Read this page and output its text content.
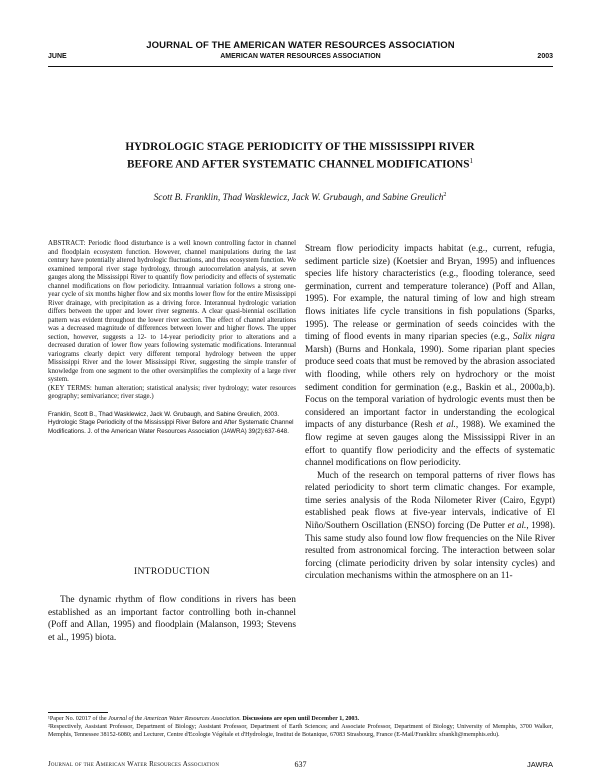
JOURNAL OF THE AMERICAN WATER RESOURCES ASSOCIATION
JUNE	AMERICAN WATER RESOURCES ASSOCIATION	2003
HYDROLOGIC STAGE PERIODICITY OF THE MISSISSIPPI RIVER
BEFORE AND AFTER SYSTEMATIC CHANNEL MODIFICATIONS$^1$
Scott B. Franklin, Thad Wasklewicz, Jack W. Grubaugh, and Sabine Greulich$^2$

ABSTRACT: Periodic flood disturbance is a well known controlling factor in channel and floodplain ecosystem function. However, channel manipulations during the last century have potentially altered hydrologic fluctuations, and thus ecosystem function. We examined temporal river stage hydrology, through autocorrelation analysis, at seven gauges along the Mississippi River to quantify flow periodicity and effects of systematic channel modifications on flow periodicity. Intraannual variation follows a strong one-year cycle of six months higher flow and six months lower flow for the entire Mississippi River drainage, with precipitation as a driving force. Interannual hydrologic variation differs between the upper and lower river segments. A clear quasi-biennial oscillation pattern was evident throughout the lower river section. The effect of channel alterations was a decreased magnitude of differences between lower and higher flows. The upper section, however, suggests a 12- to 14-year periodicity prior to alterations and a decreased duration of lower flow years following systematic modifications. Interannual variograms clearly depict very different temporal hydrology between the upper Mississippi River and the lower Mississippi River, suggesting the simple transfer of knowledge from one segment to the other oversimplifies the complexity of a large river system.

(KEY TERMS: human alteration; statistical analysis; river hydrology; water resources geography; semivariance; river stage.)

Franklin, Scott B., Thad Wasklewicz, Jack W. Grubaugh, and Sabine Greulich, 2003. Hydrologic Stage Periodicity of the Mississippi River Before and After Systematic Channel Modifications. J. of the American Water Resources Association (JAWRA) 39(2):637-648.

INTRODUCTION

The dynamic rhythm of flow conditions in rivers has been established as an important factor controlling both in-channel (Poff and Allan, 1995) and floodplain (Malanson, 1993; Stevens et al., 1995) biota.

Stream flow periodicity impacts habitat (e.g., current, refugia, sediment particle size) (Koetsier and Bryan, 1995) and influences species life history characteristics (e.g., flooding tolerance, seed germination, current and temperature tolerance) (Poff and Allan, 1995). For example, the natural timing of low and high stream flows initiates life cycle transitions in fish populations (Sparks, 1995). The release or germination of seeds coincides with the timing of flood events in many riparian species (e.g., Salix nigra Marsh) (Burns and Honkala, 1990). Some riparian plant species produce seed coats that must be removed by the abrasion associated with flooding, while others rely on hydrochory or the moist sediment condition for germination (e.g., Baskin et al., 2000a,b). Focus on the temporal variation of hydrologic events must then be considered an important factor in understanding the ecological impacts of any disturbance (Resh et al., 1988). We examined the flow regime at seven gauges along the Mississippi River in an effort to quantify flow periodicity and the effects of systematic channel modifications on flow periodicity.

Much of the research on temporal patterns of river flows has related periodicity to short term climatic changes. For example, time series analysis of the Roda Nilometer River (Cairo, Egypt) established peak flows at five-year intervals, indicative of El Niño/Southern Oscillation (ENSO) forcing (De Putter et al., 1998). This same study also found low flow frequencies on the Nile River resulted from astronomical forcing. The interaction between solar forcing (climate periodicity driven by solar intensity cycles) and circulation mechanisms within the atmosphere on an 11-

¹Paper No. 02017 of the Journal of the American Water Resources Association. Discussions are open until December 1, 2003.
²Respectively, Assistant Professor, Department of Biology; Assistant Professor, Department of Earth Sciences; and Associate Professor, Department of Biology; University of Memphis, 3700 Walker, Memphis, Tennessee 38152-6080; and Lecturer, Centre d'Ecologie Végétale et d'Hydrologie, Institut de Botanique, 67083 Strasbourg, France (E-Mail/Franklin: sfrankli@memphis.edu).
Journal of the American Water Resources Association	637	JAWRA
